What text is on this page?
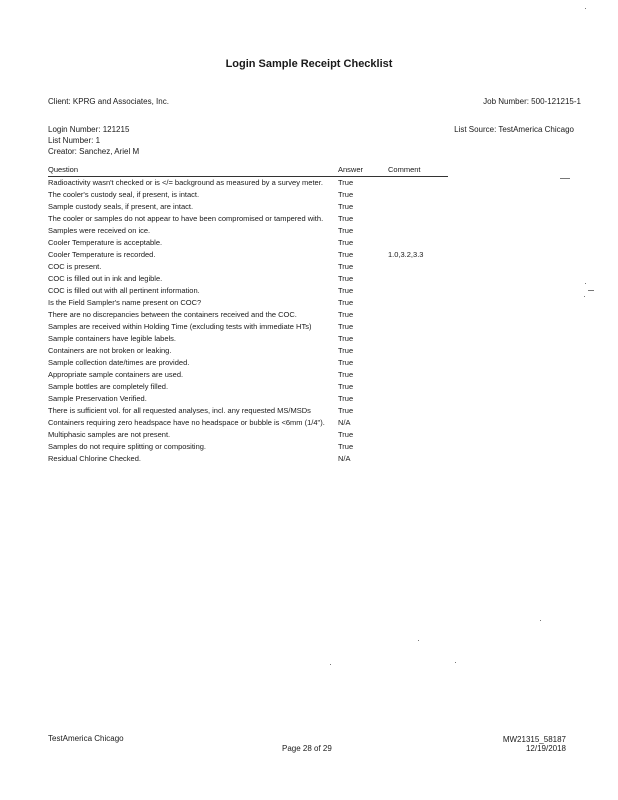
Login Sample Receipt Checklist
Client: KPRG and Associates, Inc.	Job Number: 500-121215-1
Login Number: 121215	List Source: TestAmerica Chicago
List Number: 1
Creator: Sanchez, Ariel M
Question	Answer	Comment
Radioactivity wasn't checked or is </= background as measured by a survey meter.	True	
The cooler's custody seal, if present, is intact.	True	
Sample custody seals, if present, are intact.	True	
The cooler or samples do not appear to have been compromised or tampered with.	True	
Samples were received on ice.	True	
Cooler Temperature is acceptable.	True	
Cooler Temperature is recorded.	True	1.0,3.2,3.3
COC is present.	True	
COC is filled out in ink and legible.	True	
COC is filled out with all pertinent information.	True	
Is the Field Sampler's name present on COC?	True	
There are no discrepancies between the containers received and the COC.	True	
Samples are received within Holding Time (excluding tests with immediate HTs)	True	
Sample containers have legible labels.	True	
Containers are not broken or leaking.	True	
Sample collection date/times are provided.	True	
Appropriate sample containers are used.	True	
Sample bottles are completely filled.	True	
Sample Preservation Verified.	True	
There is sufficient vol. for all requested analyses, incl. any requested MS/MSDs	True	
Containers requiring zero headspace have no headspace or bubble is <6mm (1/4").	N/A	
Multiphasic samples are not present.	True	
Samples do not require splitting or compositing.	True	
Residual Chlorine Checked.	N/A	
TestAmerica Chicago
Page 28 of 29
MW21315_58187
12/19/2018
